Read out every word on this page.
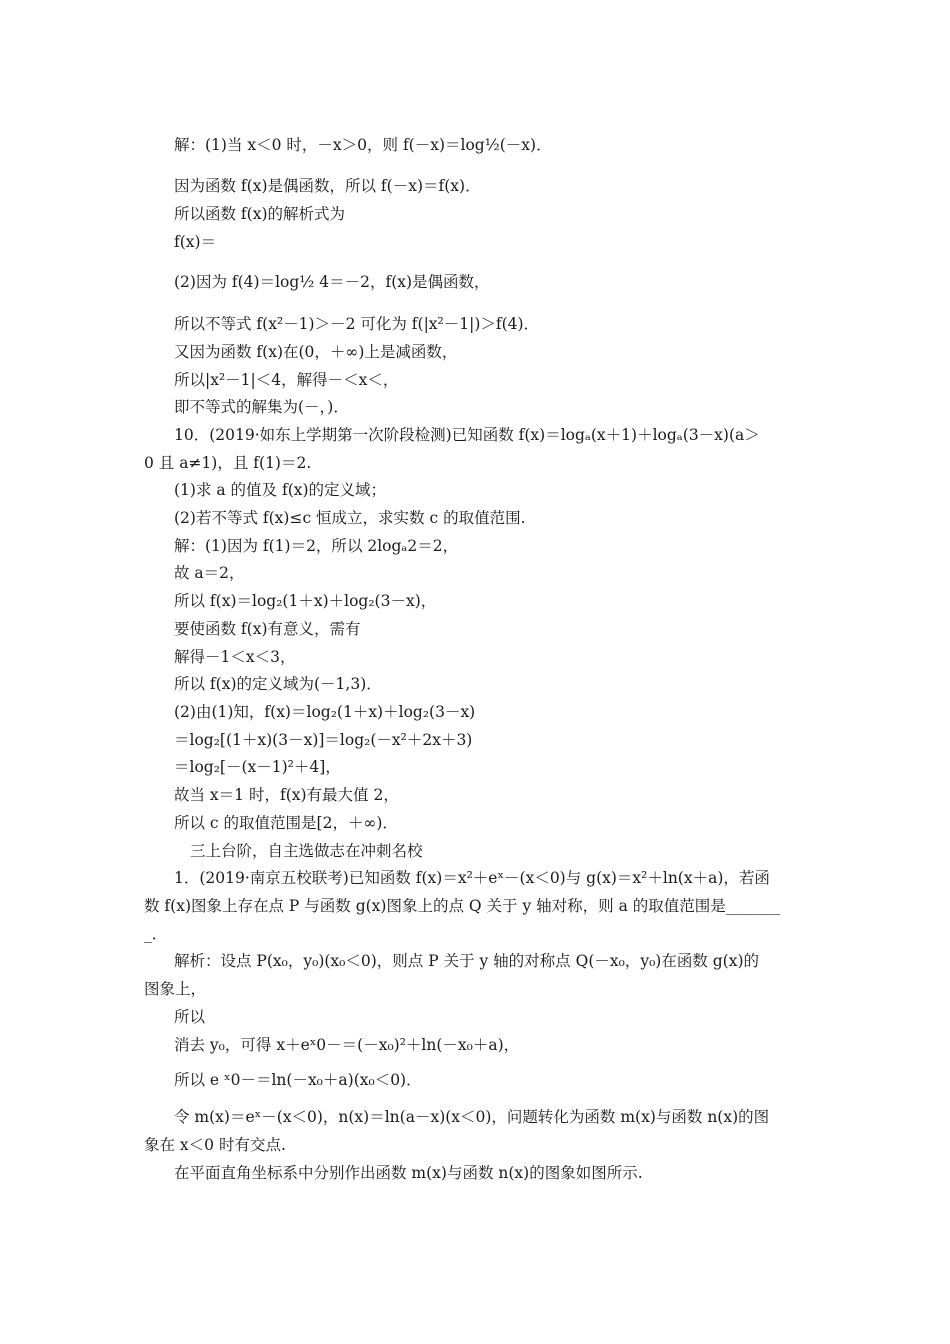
解：(1)当 x＜0 时，－x＞0，则 f(－x)＝log½(－x)．
因为函数 f(x)是偶函数，所以 f(－x)＝f(x)．
所以函数 f(x)的解析式为
f(x)＝
(2)因为 f(4)＝log½ 4＝－2，f(x)是偶函数，
所以不等式 f(x²－1)＞－2 可化为 f(|x²－1|)＞f(4)．
又因为函数 f(x)在(0，＋∞)上是减函数，
所以|x²－1|＜4，解得－＜x＜，
即不等式的解集为(－，)．
10．(2019·如东上学期第一次阶段检测)已知函数 f(x)＝logₐ(x＋1)＋logₐ(3－x)(a＞
0 且 a≠1)，且 f(1)＝2.
(1)求 a 的值及 f(x)的定义域；
(2)若不等式 f(x)≤c 恒成立，求实数 c 的取值范围.
解：(1)因为 f(1)＝2，所以 2logₐ2＝2，
故 a＝2，
所以 f(x)＝log₂(1＋x)＋log₂(3－x)，
要使函数 f(x)有意义，需有
解得－1＜x＜3，
所以 f(x)的定义域为(－1,3)．
(2)由(1)知，f(x)＝log₂(1＋x)＋log₂(3－x)
＝log₂[(1＋x)(3－x)]＝log₂(－x²＋2x＋3)
＝log₂[－(x－1)²＋4]，
故当 x＝1 时，f(x)有最大值 2，
所以 c 的取值范围是[2，＋∞)．
三上台阶，自主选做志在冲刺名校
1．(2019·南京五校联考)已知函数 f(x)＝x²＋eˣ－(x＜0)与 g(x)＝x²＋ln(x＋a)，若函
数 f(x)图象上存在点 P 与函数 g(x)图象上的点 Q 关于 y 轴对称，则 a 的取值范围是_______
_．
解析：设点 P(x₀，y₀)(x₀＜0)，则点 P 关于 y 轴的对称点 Q(－x₀，y₀)在函数 g(x)的
图象上，
所以
消去 y₀，可得 x＋eˣ0－＝(－x₀)²＋ln(－x₀＋a)，
所以 e ˣ0－＝ln(－x₀＋a)(x₀＜0)．
令 m(x)＝eˣ－(x＜0)，n(x)＝ln(a－x)(x＜0)，问题转化为函数 m(x)与函数 n(x)的图
象在 x＜0 时有交点.
在平面直角坐标系中分别作出函数 m(x)与函数 n(x)的图象如图所示.
